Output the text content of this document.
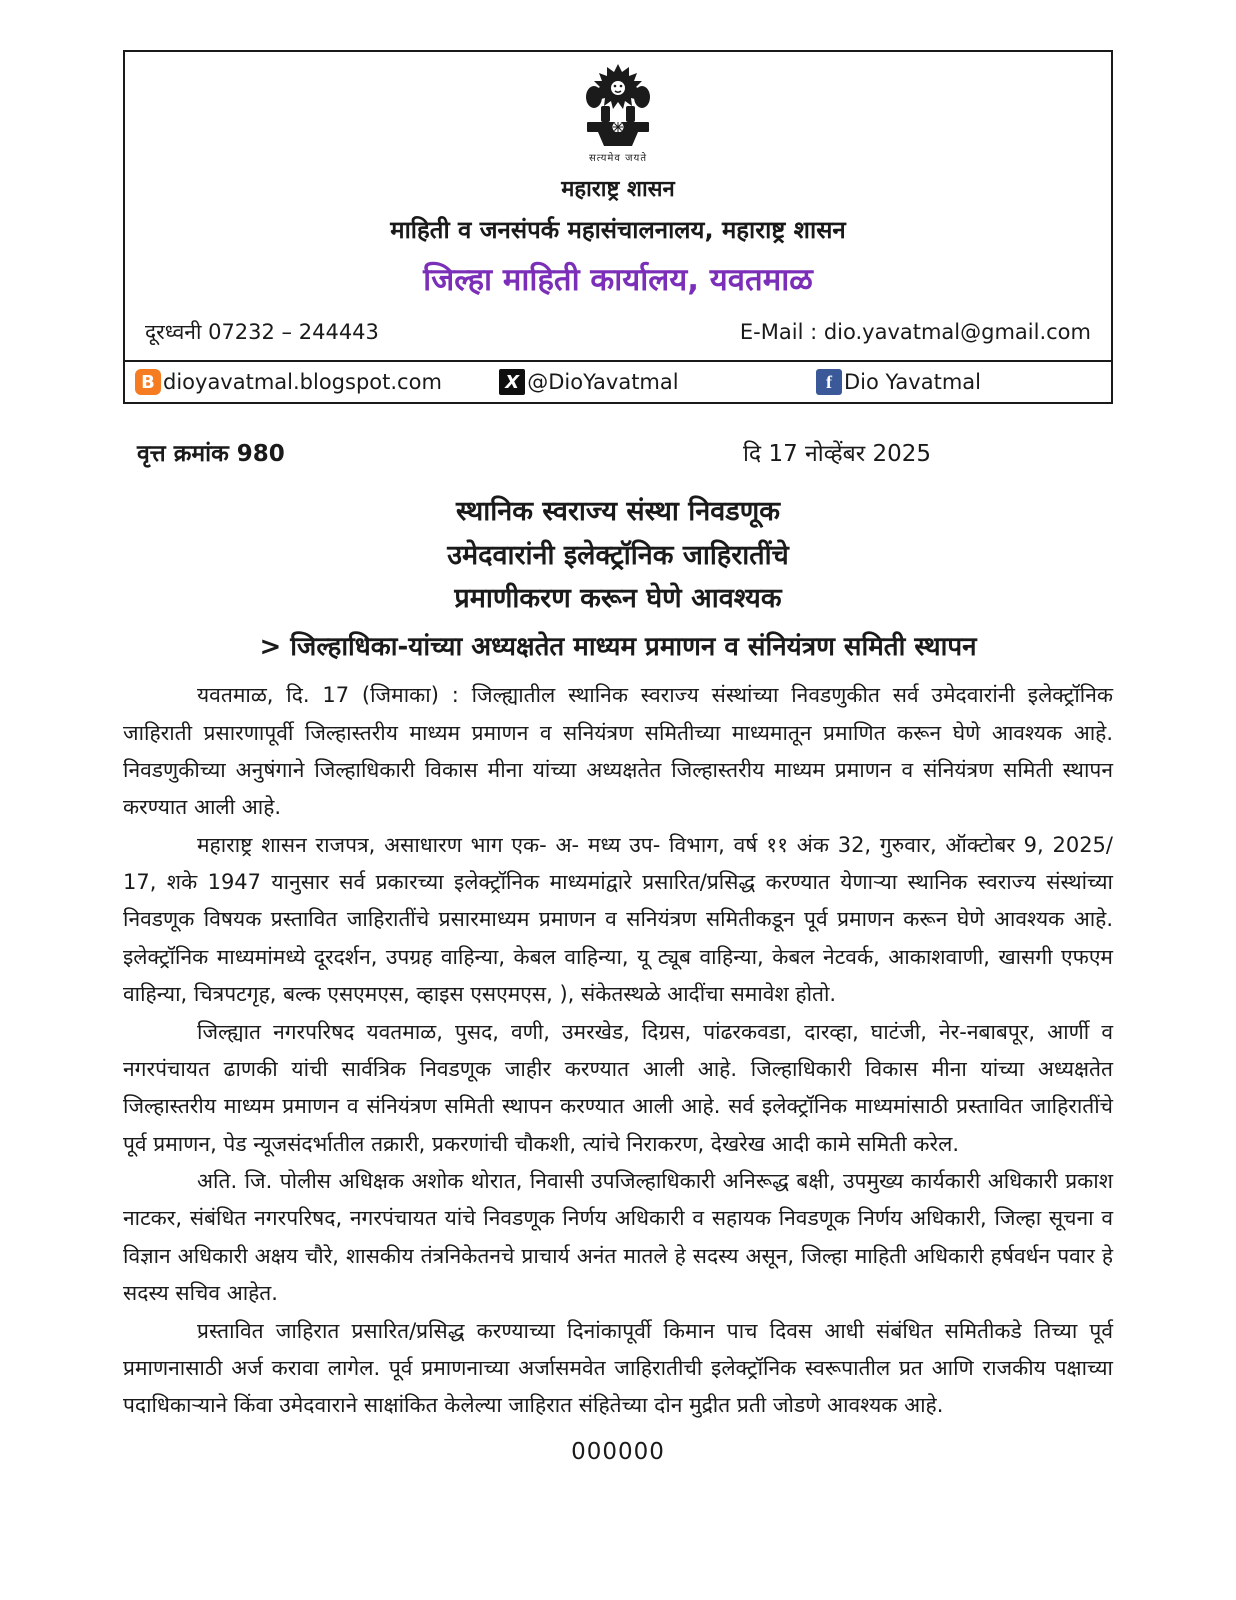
सत्यमेव जयते
महाराष्ट्र शासन
माहिती व जनसंपर्क महासंचालनालय, महाराष्ट्र शासन
जिल्हा माहिती कार्यालय, यवतमाळ
दूरध्वनी 07232 – 244443	E-Mail : dio.yavatmal@gmail.com
B dioyavatmal.blogspot.com	X @DioYavatmal	f Dio Yavatmal
वृत्त क्रमांक 980	दि 17 नोव्हेंबर 2025
स्थानिक स्वराज्य संस्था निवडणूक
उमेदवारांनी इलेक्ट्रॉनिक जाहिरातींचे
प्रमाणीकरण करून घेणे आवश्यक
> जिल्हाधिका-यांच्या अध्यक्षतेत माध्यम प्रमाणन व संनियंत्रण समिती स्थापन

यवतमाळ, दि. 17 (जिमाका) : जिल्ह्यातील स्थानिक स्वराज्य संस्थांच्या निवडणुकीत सर्व उमेदवारांनी इलेक्ट्रॉनिक जाहिराती प्रसारणापूर्वी जिल्हास्तरीय माध्यम प्रमाणन व सनियंत्रण समितीच्या माध्यमातून प्रमाणित करून घेणे आवश्यक आहे. निवडणुकीच्या अनुषंगाने जिल्हाधिकारी विकास मीना यांच्या अध्यक्षतेत जिल्हास्तरीय माध्यम प्रमाणन व संनियंत्रण समिती स्थापन करण्यात आली आहे.

महाराष्ट्र शासन राजपत्र, असाधारण भाग एक- अ- मध्य उप- विभाग, वर्ष ११ अंक 32, गुरुवार, ऑक्टोबर 9, 2025/ 17, शके 1947 यानुसार सर्व प्रकारच्या इलेक्ट्रॉनिक माध्यमांद्वारे प्रसारित/प्रसिद्ध करण्यात येणाऱ्या स्थानिक स्वराज्य संस्थांच्या निवडणूक विषयक प्रस्तावित जाहिरातींचे प्रसारमाध्यम प्रमाणन व सनियंत्रण समितीकडून पूर्व प्रमाणन करून घेणे आवश्यक आहे. इलेक्ट्रॉनिक माध्यमांमध्ये दूरदर्शन, उपग्रह वाहिन्या, केबल वाहिन्या, यू ट्यूब वाहिन्या, केबल नेटवर्क, आकाशवाणी, खासगी एफएम वाहिन्या, चित्रपटगृह, बल्क एसएमएस, व्हाइस एसएमएस, ), संकेतस्थळे आदींचा समावेश होतो.

जिल्ह्यात नगरपरिषद यवतमाळ, पुसद, वणी, उमरखेड, दिग्रस, पांढरकवडा, दारव्हा, घाटंजी, नेर-नबाबपूर, आर्णी व नगरपंचायत ढाणकी यांची सार्वत्रिक निवडणूक जाहीर करण्यात आली आहे. जिल्हाधिकारी विकास मीना यांच्या अध्यक्षतेत जिल्हास्तरीय माध्यम प्रमाणन व संनियंत्रण समिती स्थापन करण्यात आली आहे. सर्व इलेक्ट्रॉनिक माध्यमांसाठी प्रस्तावित जाहिरातींचे पूर्व प्रमाणन, पेड न्यूजसंदर्भातील तक्रारी, प्रकरणांची चौकशी, त्यांचे निराकरण, देखरेख आदी कामे समिती करेल.

अति. जि. पोलीस अधिक्षक अशोक थोरात, निवासी उपजिल्हाधिकारी अनिरूद्ध बक्षी, उपमुख्य कार्यकारी अधिकारी प्रकाश नाटकर, संबंधित नगरपरिषद, नगरपंचायत यांचे निवडणूक निर्णय अधिकारी व सहायक निवडणूक निर्णय अधिकारी, जिल्हा सूचना व विज्ञान अधिकारी अक्षय चौरे, शासकीय तंत्रनिकेतनचे प्राचार्य अनंत मातले हे सदस्य असून, जिल्हा माहिती अधिकारी हर्षवर्धन पवार हे सदस्य सचिव आहेत.

प्रस्तावित जाहिरात प्रसारित/प्रसिद्ध करण्याच्या दिनांकापूर्वी किमान पाच दिवस आधी संबंधित समितीकडे तिच्या पूर्व प्रमाणनासाठी अर्ज करावा लागेल. पूर्व प्रमाणनाच्या अर्जासमवेत जाहिरातीची इलेक्ट्रॉनिक स्वरूपातील प्रत आणि राजकीय पक्षाच्या पदाधिकाऱ्याने किंवा उमेदवाराने साक्षांकित केलेल्या जाहिरात संहितेच्या दोन मुद्रीत प्रती जोडणे आवश्यक आहे.

000000
